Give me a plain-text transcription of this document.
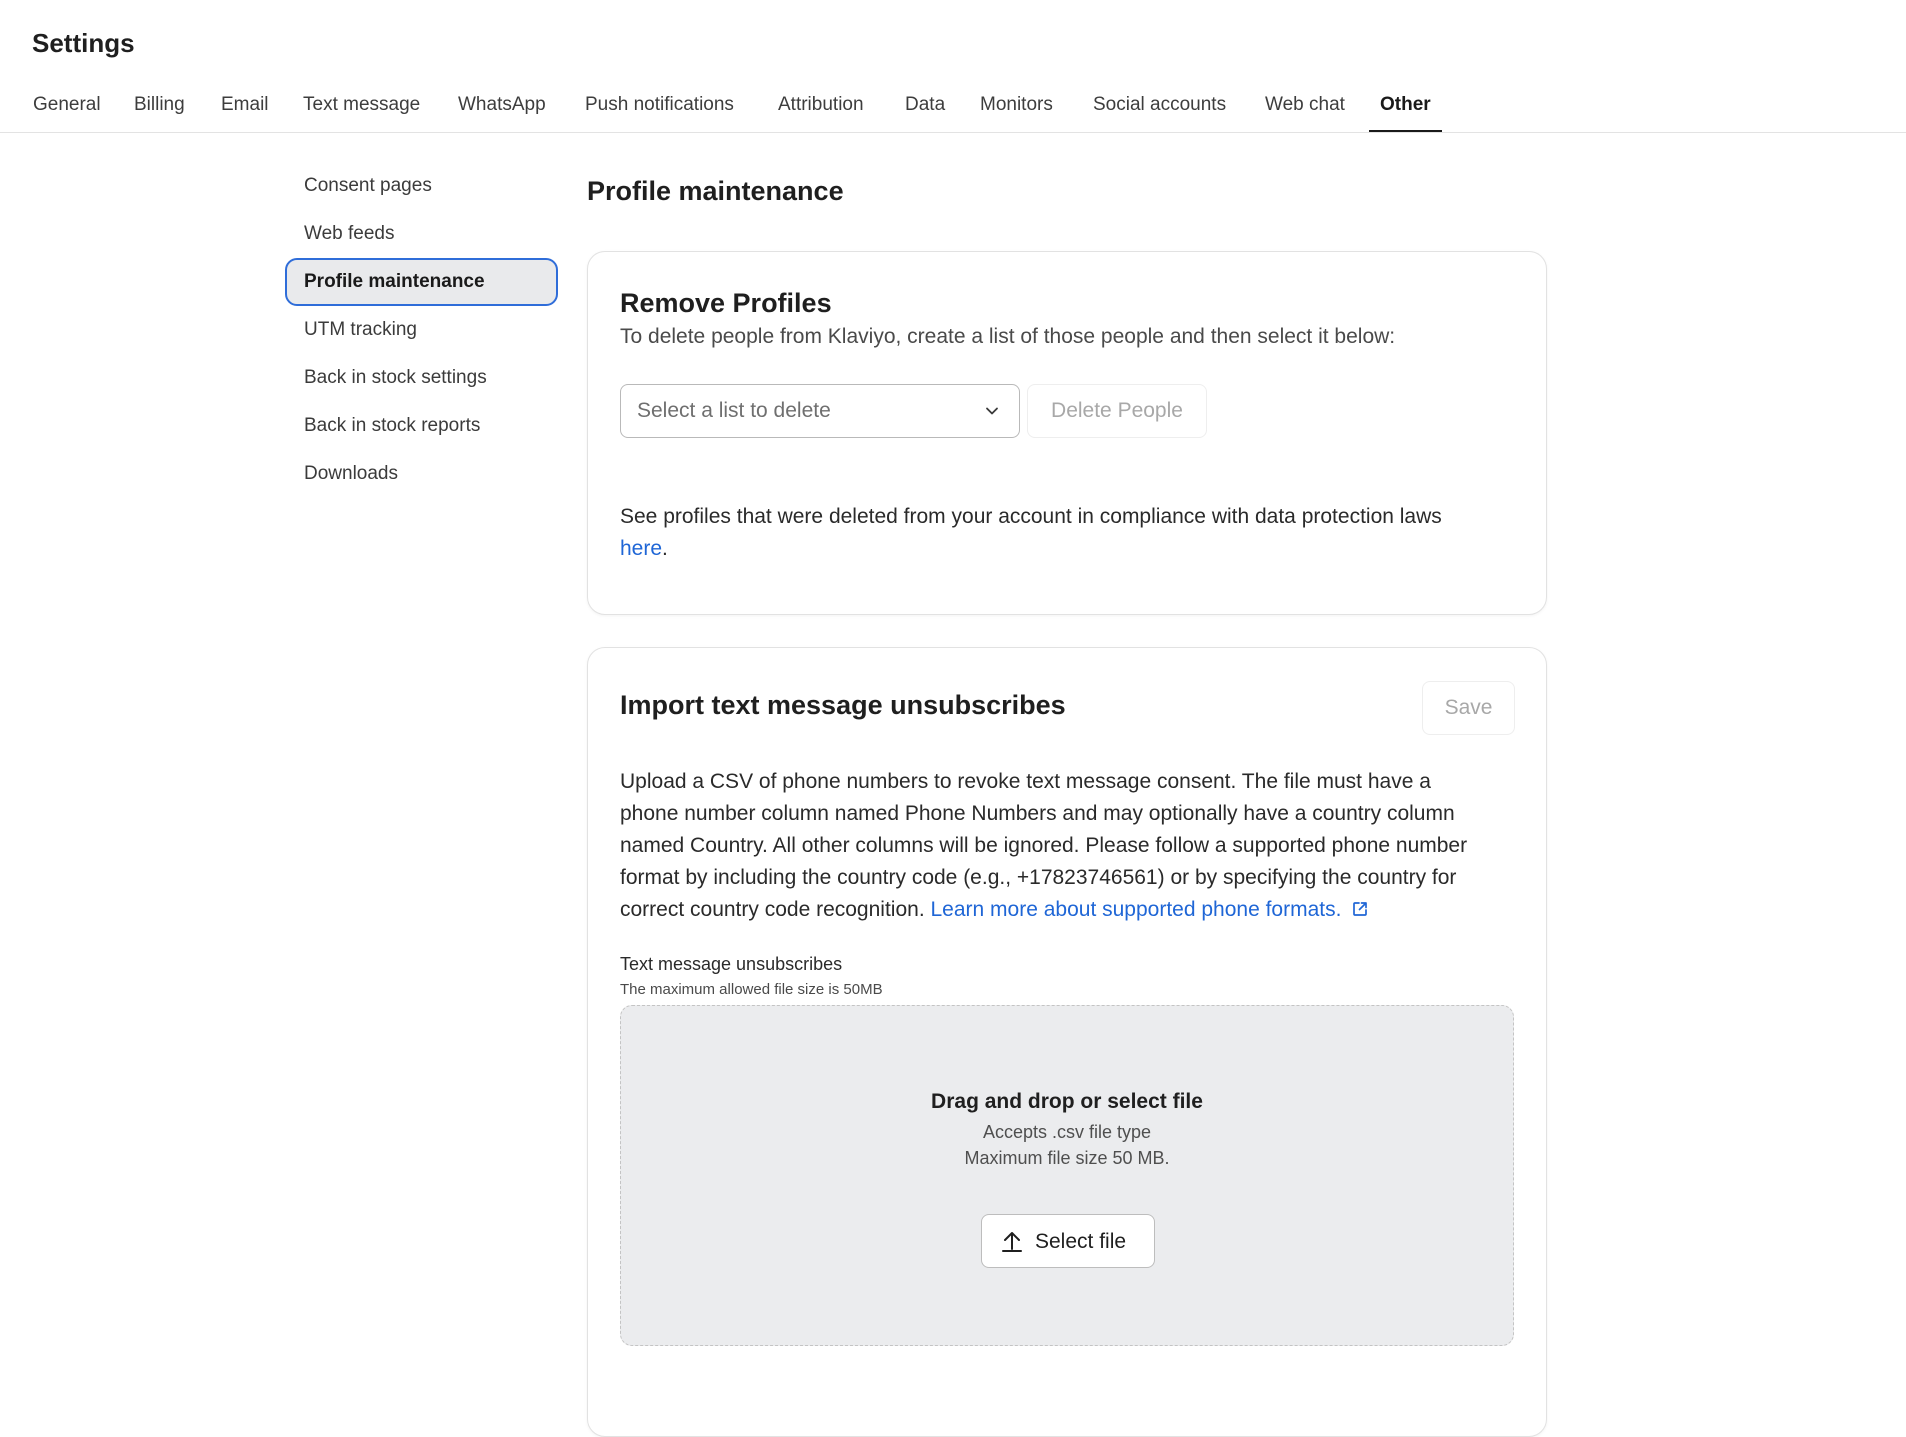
Settings
General Billing Email Text message WhatsApp Push notifications Attribution Data Monitors Social accounts Web chat Other
Consent pages
Web feeds
Profile maintenance
UTM tracking
Back in stock settings
Back in stock reports
Downloads
Profile maintenance
Remove Profiles
To delete people from Klaviyo, create a list of those people and then select it below:
Select a list to delete	Delete People
See profiles that were deleted from your account in compliance with data protection laws
here.
Import text message unsubscribes	Save
Upload a CSV of phone numbers to revoke text message consent. The file must have a
phone number column named Phone Numbers and may optionally have a country column
named Country. All other columns will be ignored. Please follow a supported phone number
format by including the country code (e.g., +17823746561) or by specifying the country for
correct country code recognition. Learn more about supported phone formats.
Text message unsubscribes
The maximum allowed file size is 50MB
Drag and drop or select file
Accepts .csv file type
Maximum file size 50 MB.
Select file
